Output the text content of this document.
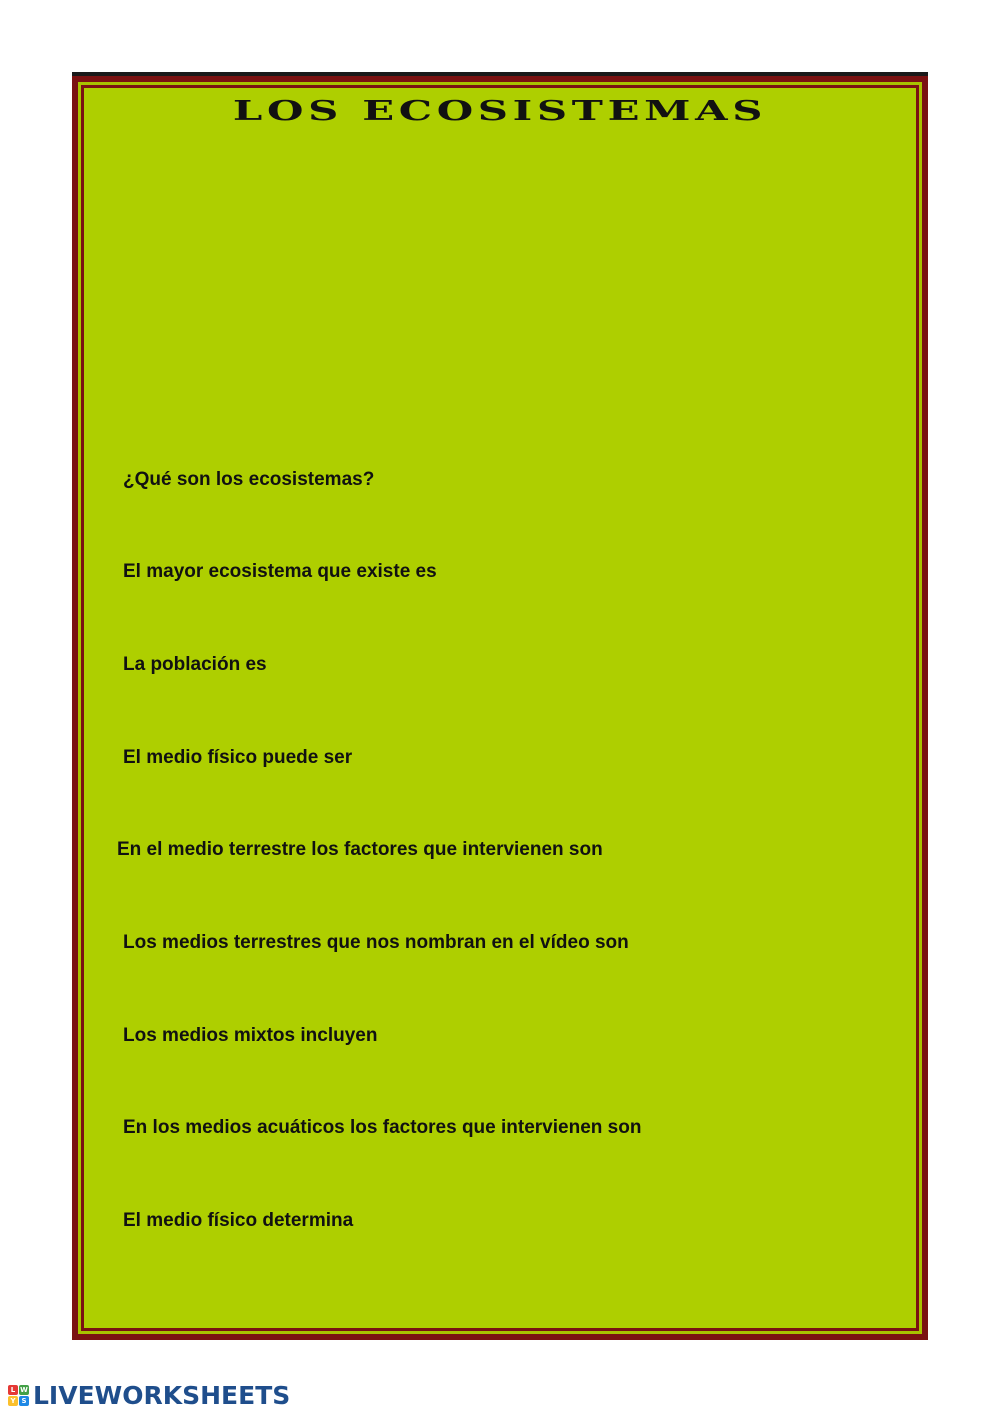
LOS ECOSISTEMAS
¿Qué son los ecosistemas?
El mayor ecosistema que existe es
La población es
El medio físico puede ser
En el medio terrestre los factores que intervienen son
Los medios terrestres que nos nombran en el vídeo son
Los medios mixtos incluyen
En los medios acuáticos los factores que intervienen son
El medio físico determina
L W
Y S LIVEWORKSHEETS
